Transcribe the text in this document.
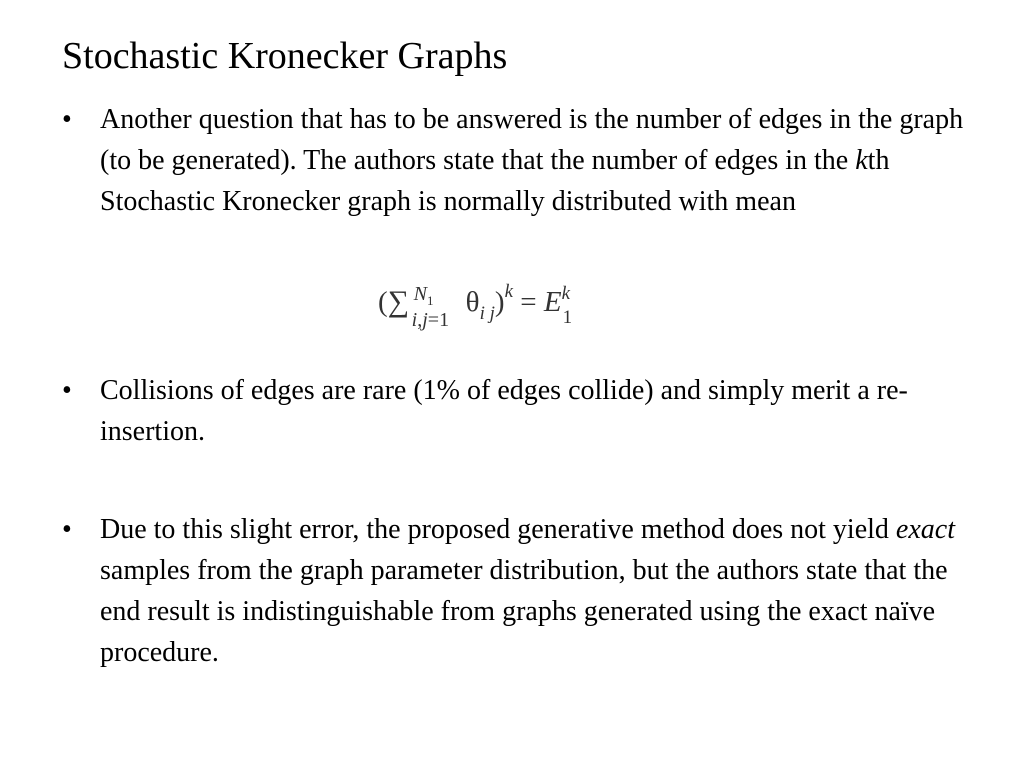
Stochastic Kronecker Graphs
•	Another question that has to be answered is the number of edges in the graph (to be generated). The authors state that the number of edges in the kth Stochastic Kronecker graph is normally distributed with mean
( ∑ $N_1$
i,j=1
$\theta_{i j})^k = E$ k
1
•	Collisions of edges are rare (1% of edges collide) and simply merit a re-insertion.
•	Due to this slight error, the proposed generative method does not yield exact samples from the graph parameter distribution, but the authors state that the end result is indistinguishable from graphs generated using the exact naïve procedure.
